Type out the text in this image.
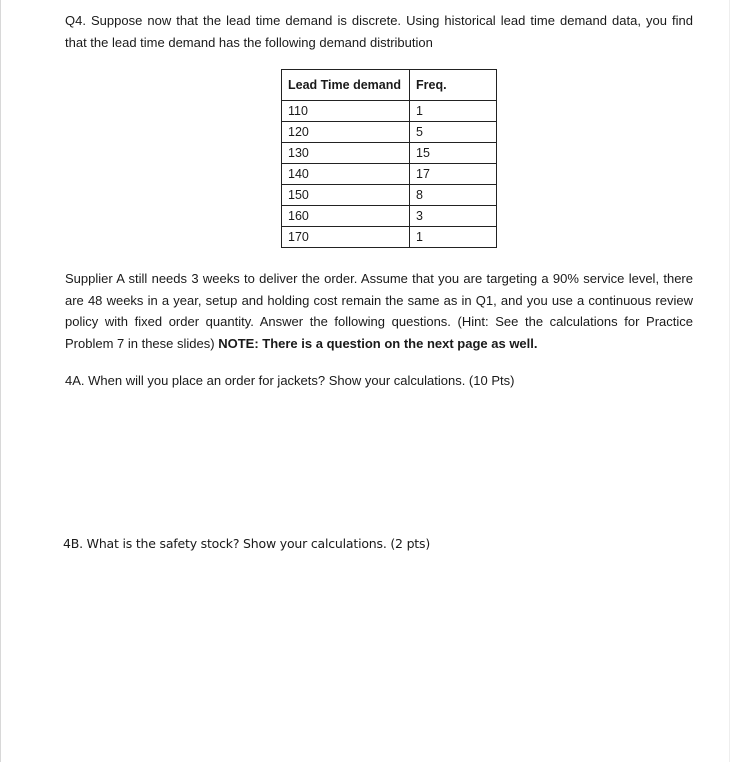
Q4. Suppose now that the lead time demand is discrete. Using historical lead time demand data, you find that the lead time demand has the following demand distribution

Lead Time demand	Freq.
110	1
120	5
130	15
140	17
150	8
160	3
170	1

Supplier A still needs 3 weeks to deliver the order. Assume that you are targeting a 90% service level, there are 48 weeks in a year, setup and holding cost remain the same as in Q1, and you use a continuous review policy with fixed order quantity. Answer the following questions. (Hint: See the calculations for Practice Problem 7 in these slides) NOTE: There is a question on the next page as well.

4A. When will you place an order for jackets? Show your calculations. (10 Pts)

4B. What is the safety stock? Show your calculations. (2 pts)
